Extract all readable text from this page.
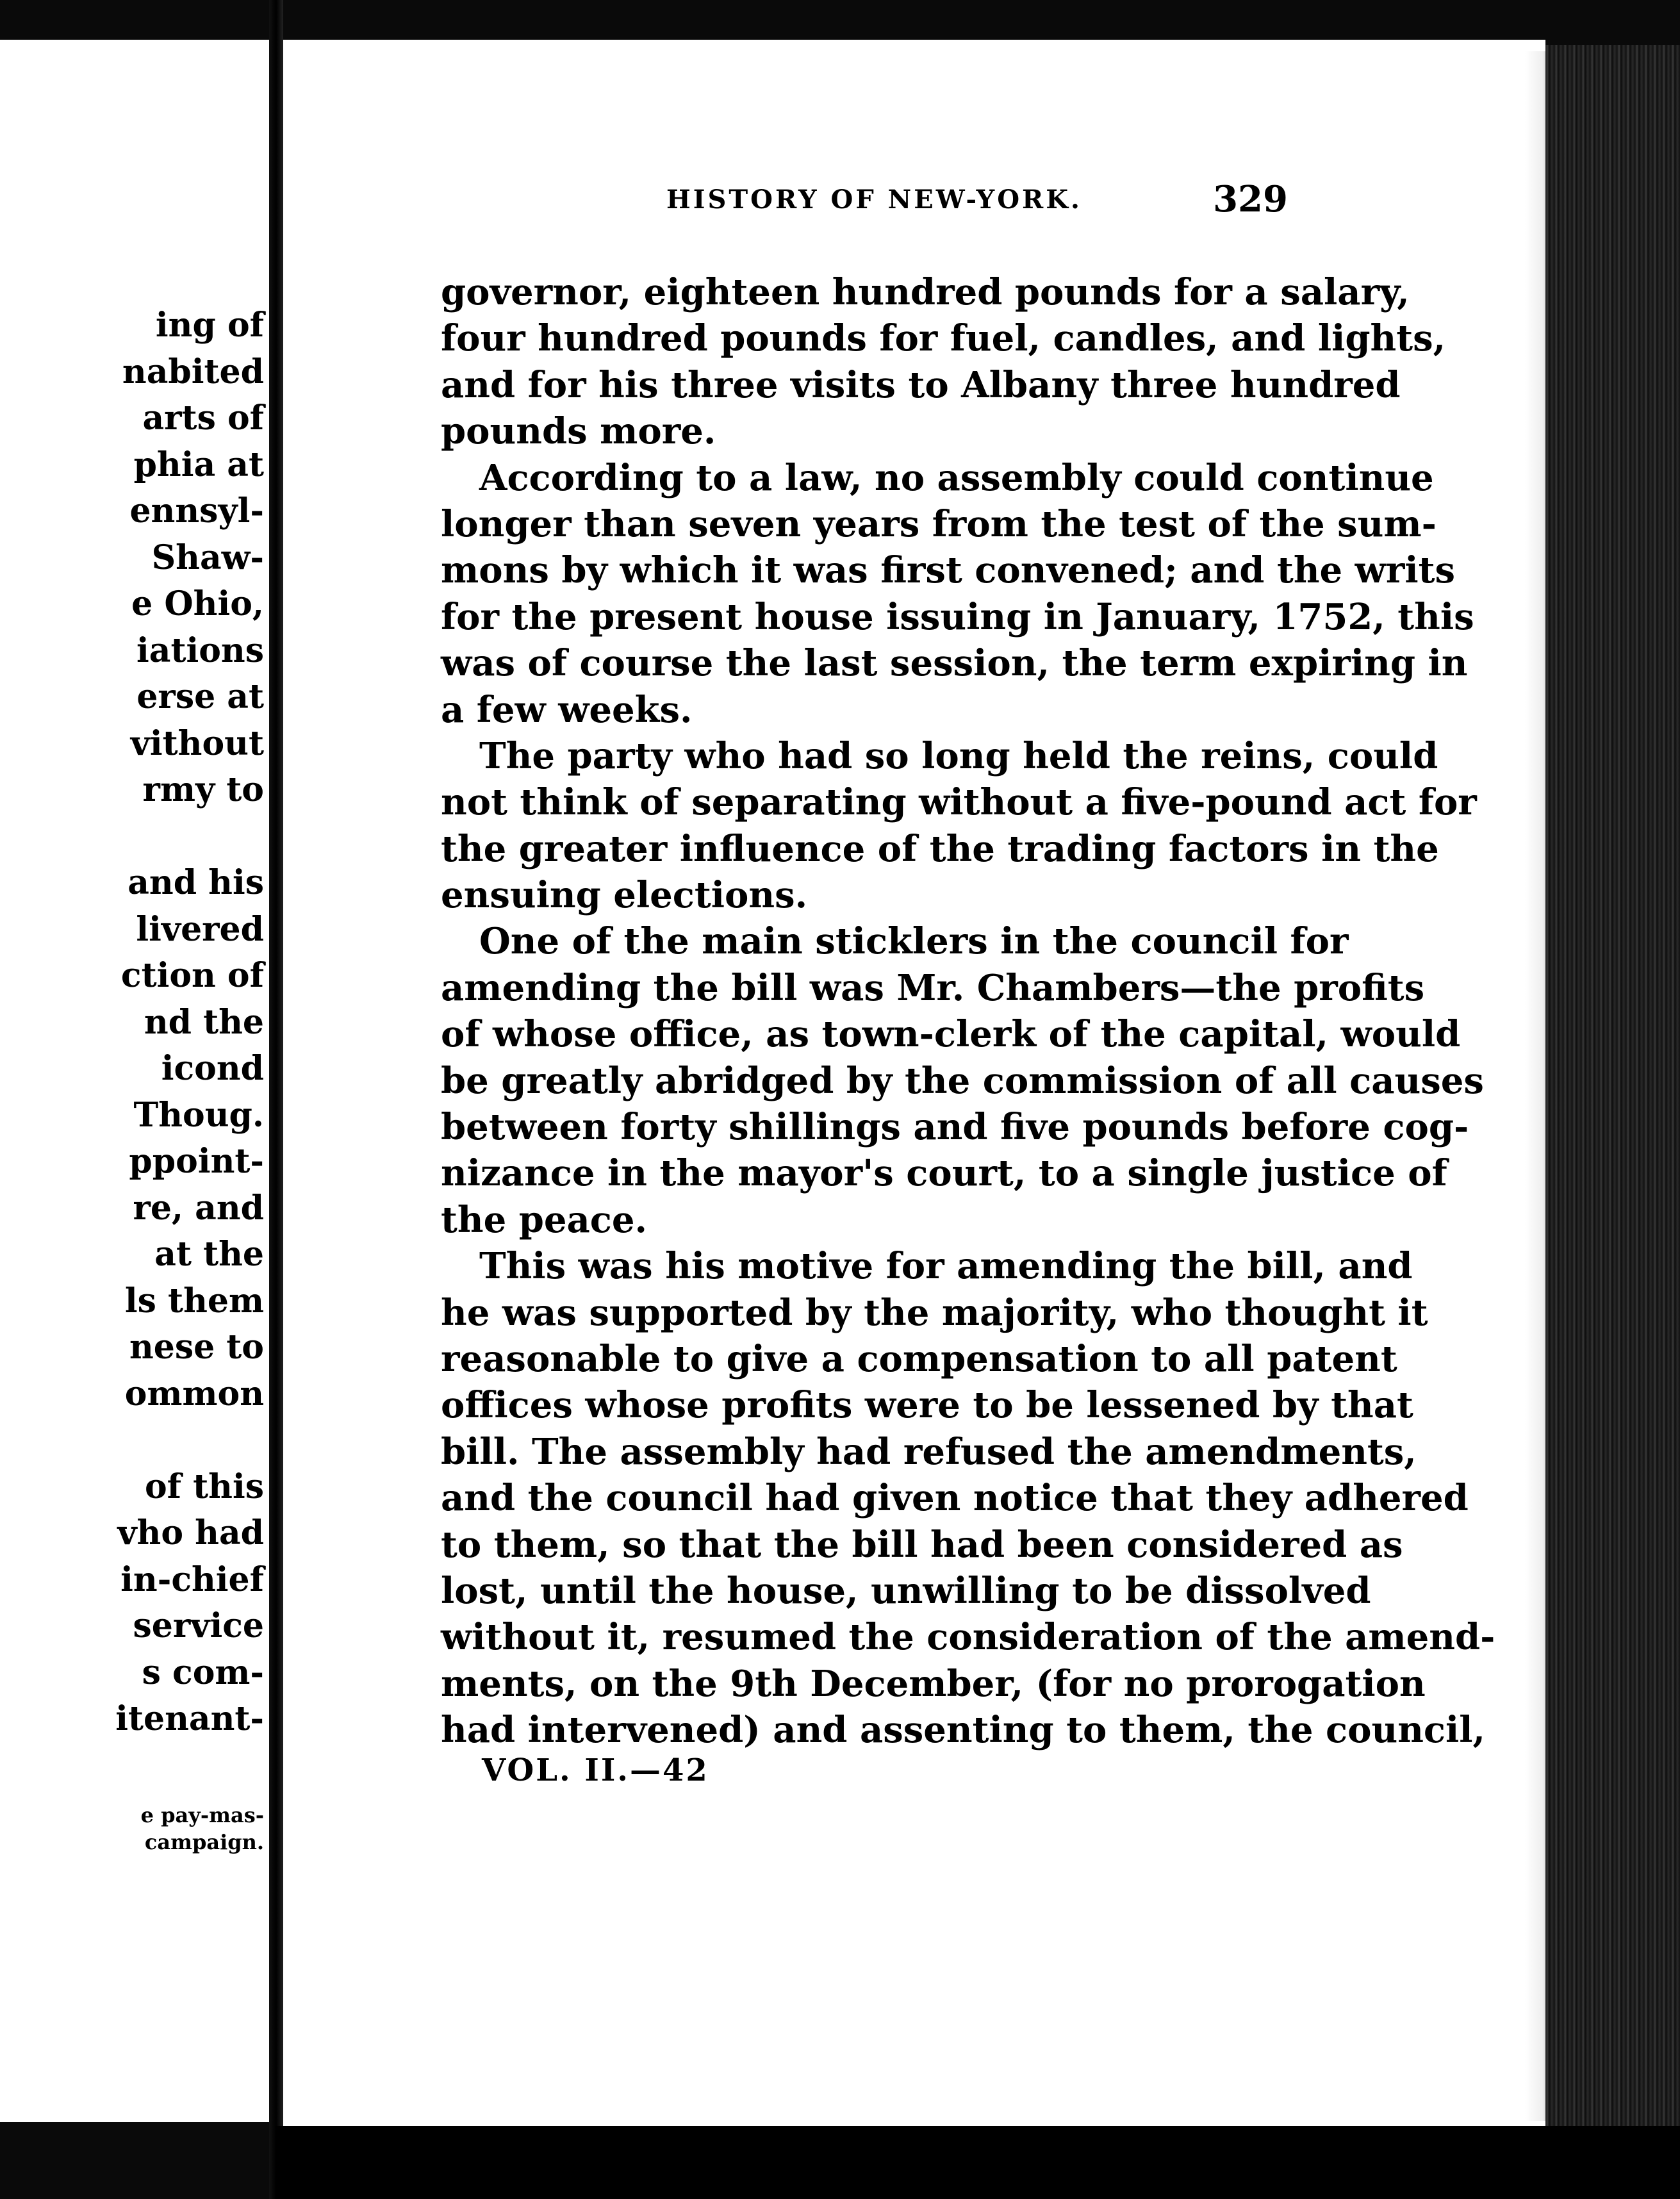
ing of
nabited
arts of
phia at
ennsyl-
Shaw-
e Ohio,
iations
erse at
vithout
rmy to
and his
livered
ction of
nd the
icond
Thoug.
ppoint-
re, and
at the
ls them
nese to
ommon
of this
vho had
in-chief
service
s com-
itenant-
e pay-mas-
campaign.
HISTORY OF NEW-YORK.	329
governor, eighteen hundred pounds for a salary,
four hundred pounds for fuel, candles, and lights,
and for his three visits to Albany three hundred
pounds more.
According to a law, no assembly could continue
longer than seven years from the test of the sum-
mons by which it was first convened; and the writs
for the present house issuing in January, 1752, this
was of course the last session, the term expiring in
a few weeks.
The party who had so long held the reins, could
not think of separating without a five-pound act for
the greater influence of the trading factors in the
ensuing elections.
One of the main sticklers in the council for
amending the bill was Mr. Chambers—the profits
of whose office, as town-clerk of the capital, would
be greatly abridged by the commission of all causes
between forty shillings and five pounds before cog-
nizance in the mayor's court, to a single justice of
the peace.
This was his motive for amending the bill, and
he was supported by the majority, who thought it
reasonable to give a compensation to all patent
offices whose profits were to be lessened by that
bill. The assembly had refused the amendments,
and the council had given notice that they adhered
to them, so that the bill had been considered as
lost, until the house, unwilling to be dissolved
without it, resumed the consideration of the amend-
ments, on the 9th December, (for no prorogation
had intervened) and assenting to them, the council,
VOL. II.—42
